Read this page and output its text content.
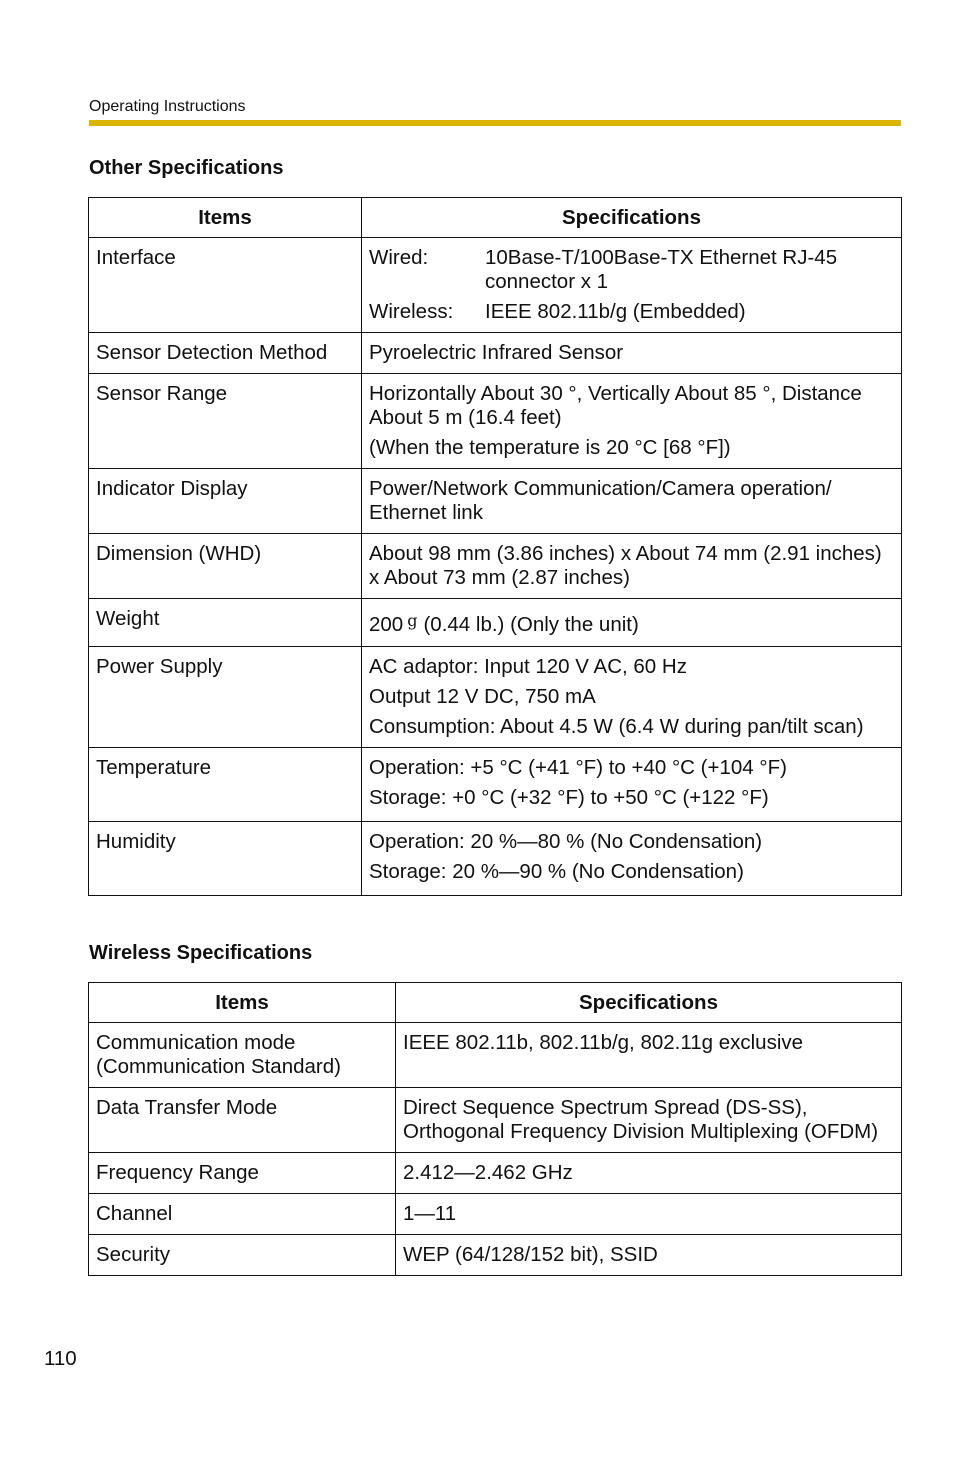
Operating Instructions
Other Specifications
Items	Specifications
Interface	Wired: 10Base-T/100Base-TX Ethernet RJ-45 connector x 1
Wireless: IEEE 802.11b/g (Embedded)

Sensor Detection Method	Pyroelectric Infrared Sensor

Sensor Range	Horizontally About 30 °, Vertically About 85 °, Distance About 5 m (16.4 feet)
(When the temperature is 20 °C [68 °F])

Indicator Display	Power/Network Communication/Camera operation/ Ethernet link

Dimension (WHD)	About 98 mm (3.86 inches) x About 74 mm (2.91 inches) x About 73 mm (2.87 inches)

Weight	200 $^g$ (0.44 lb.) (Only the unit)
Power Supply	AC adaptor: Input 120 V AC, 60 Hz
Output 12 V DC, 750 mA
Consumption: About 4.5 W (6.4 W during pan/tilt scan)

Temperature	Operation: +5 °C (+41 °F) to +40 °C (+104 °F)
Storage: +0 °C (+32 °F) to +50 °C (+122 °F)

Humidity	Operation: 20 %—80 % (No Condensation)
Storage: 20 %—90 % (No Condensation)
Wireless Specifications
Items	Specifications
Communication mode (Communication Standard)	IEEE 802.11b, 802.11b/g, 802.11g exclusive
Data Transfer Mode	Direct Sequence Spectrum Spread (DS-SS), Orthogonal Frequency Division Multiplexing (OFDM)
Frequency Range	2.412—2.462 GHz
Channel	1—11
Security	WEP (64/128/152 bit), SSID
110
